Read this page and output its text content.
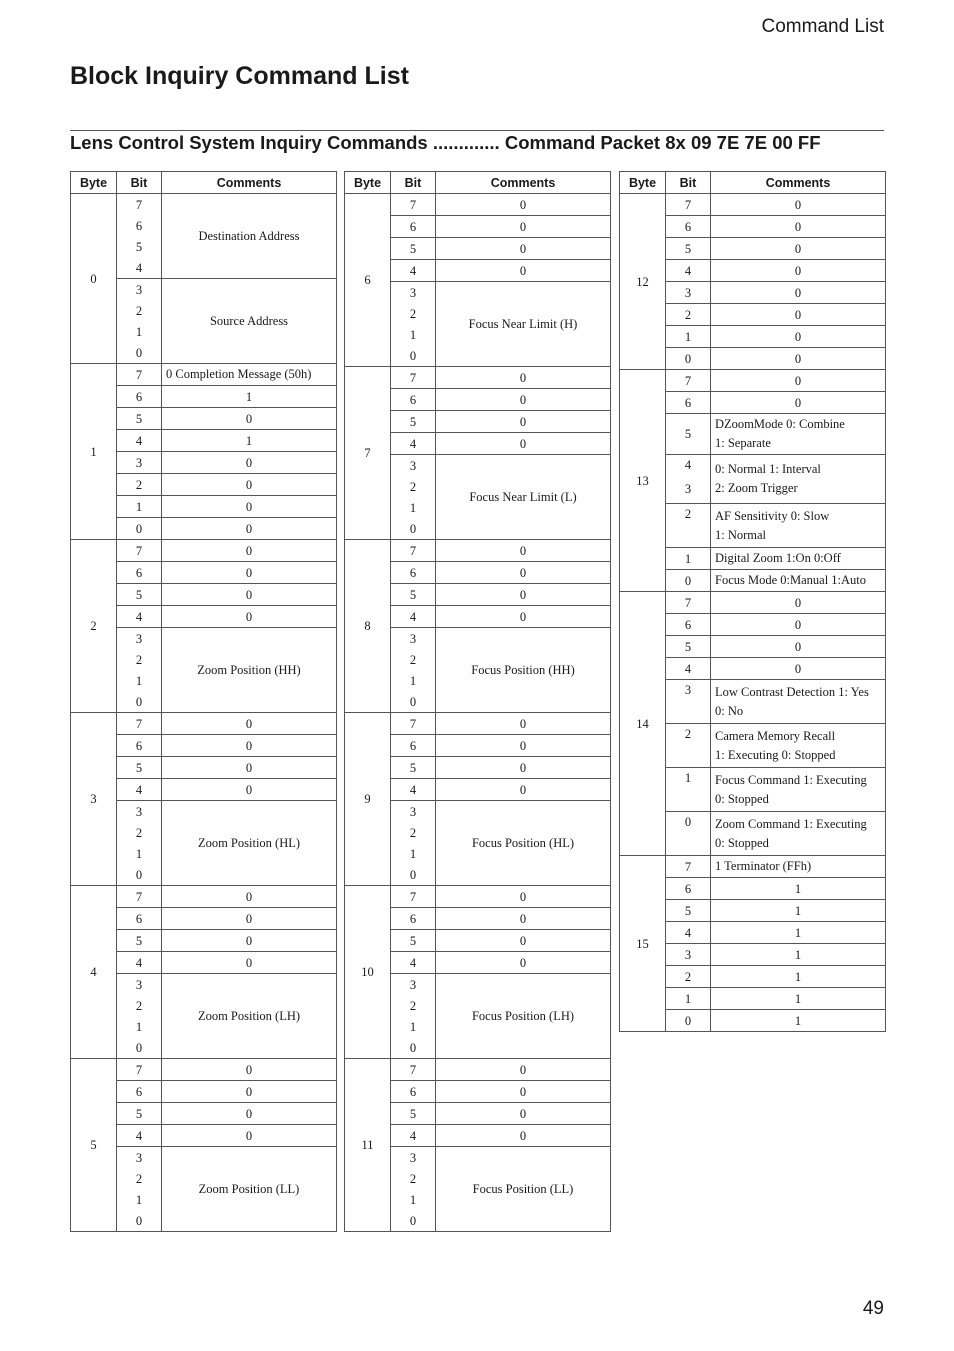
Command List
Block Inquiry Command List
Lens Control System Inquiry Commands ............. Command Packet 8x 09 7E 7E 00 FF
Byte	Bit	Comments
0	7	Destination Address
	6	
	5	
	4	
	3	Source Address
	2	
	1	
	0	
1	7	0 Completion Message (50h)
	6	1
	5	0
	4	1
	3	0
	2	0
	1	0
	0	0
2	7	0
	6	0
	5	0
	4	0
	3	Zoom Position (HH)
	2	
	1	
	0	
3	7	0
	6	0
	5	0
	4	0
	3	Zoom Position (HL)
	2	
	1	
	0	
4	7	0
	6	0
	5	0
	4	0
	3	Zoom Position (LH)
	2	
	1	
	0	
5	7	0
	6	0
	5	0
	4	0
	3	Zoom Position (LL)
	2	
	1	
	0	
Byte	Bit	Comments
6	7	0
	6	0
	5	0
	4	0
	3	Focus Near Limit (H)
	2	
	1	
	0	
7	7	0
	6	0
	5	0
	4	0
	3	Focus Near Limit (L)
	2	
	1	
	0	
8	7	0
	6	0
	5	0
	4	0
	3	Focus Position (HH)
	2	
	1	
	0	
9	7	0
	6	0
	5	0
	4	0
	3	Focus Position (HL)
	2	
	1	
	0	
10	7	0
	6	0
	5	0
	4	0
	3	Focus Position (LH)
	2	
	1	
	0	
11	7	0
	6	0
	5	0
	4	0
	3	Focus Position (LL)
	2	
	1	
	0	
Byte	Bit	Comments
12	7	0
	6	0
	5	0
	4	0
	3	0
	2	0
	1	0
	0	0
13	7	0
	6	0
	5	DZoomMode 0: Combine
1: Separate

	4	0: Normal 1: Interval
2: Zoom Trigger

	3	
	2	AF Sensitivity 0: Slow
1: Normal

	1	Digital Zoom 1:On 0:Off
	0	Focus Mode 0:Manual 1:Auto
14	7	0
	6	0
	5	0
	4	0
	3	Low Contrast Detection 1: Yes
0: No

	2	Camera Memory Recall
1: Executing 0: Stopped

	1	Focus Command 1: Executing
0: Stopped

	0	Zoom Command 1: Executing
0: Stopped

15	7	1 Terminator (FFh)
	6	1
	5	1
	4	1
	3	1
	2	1
	1	1
	0	1
49
